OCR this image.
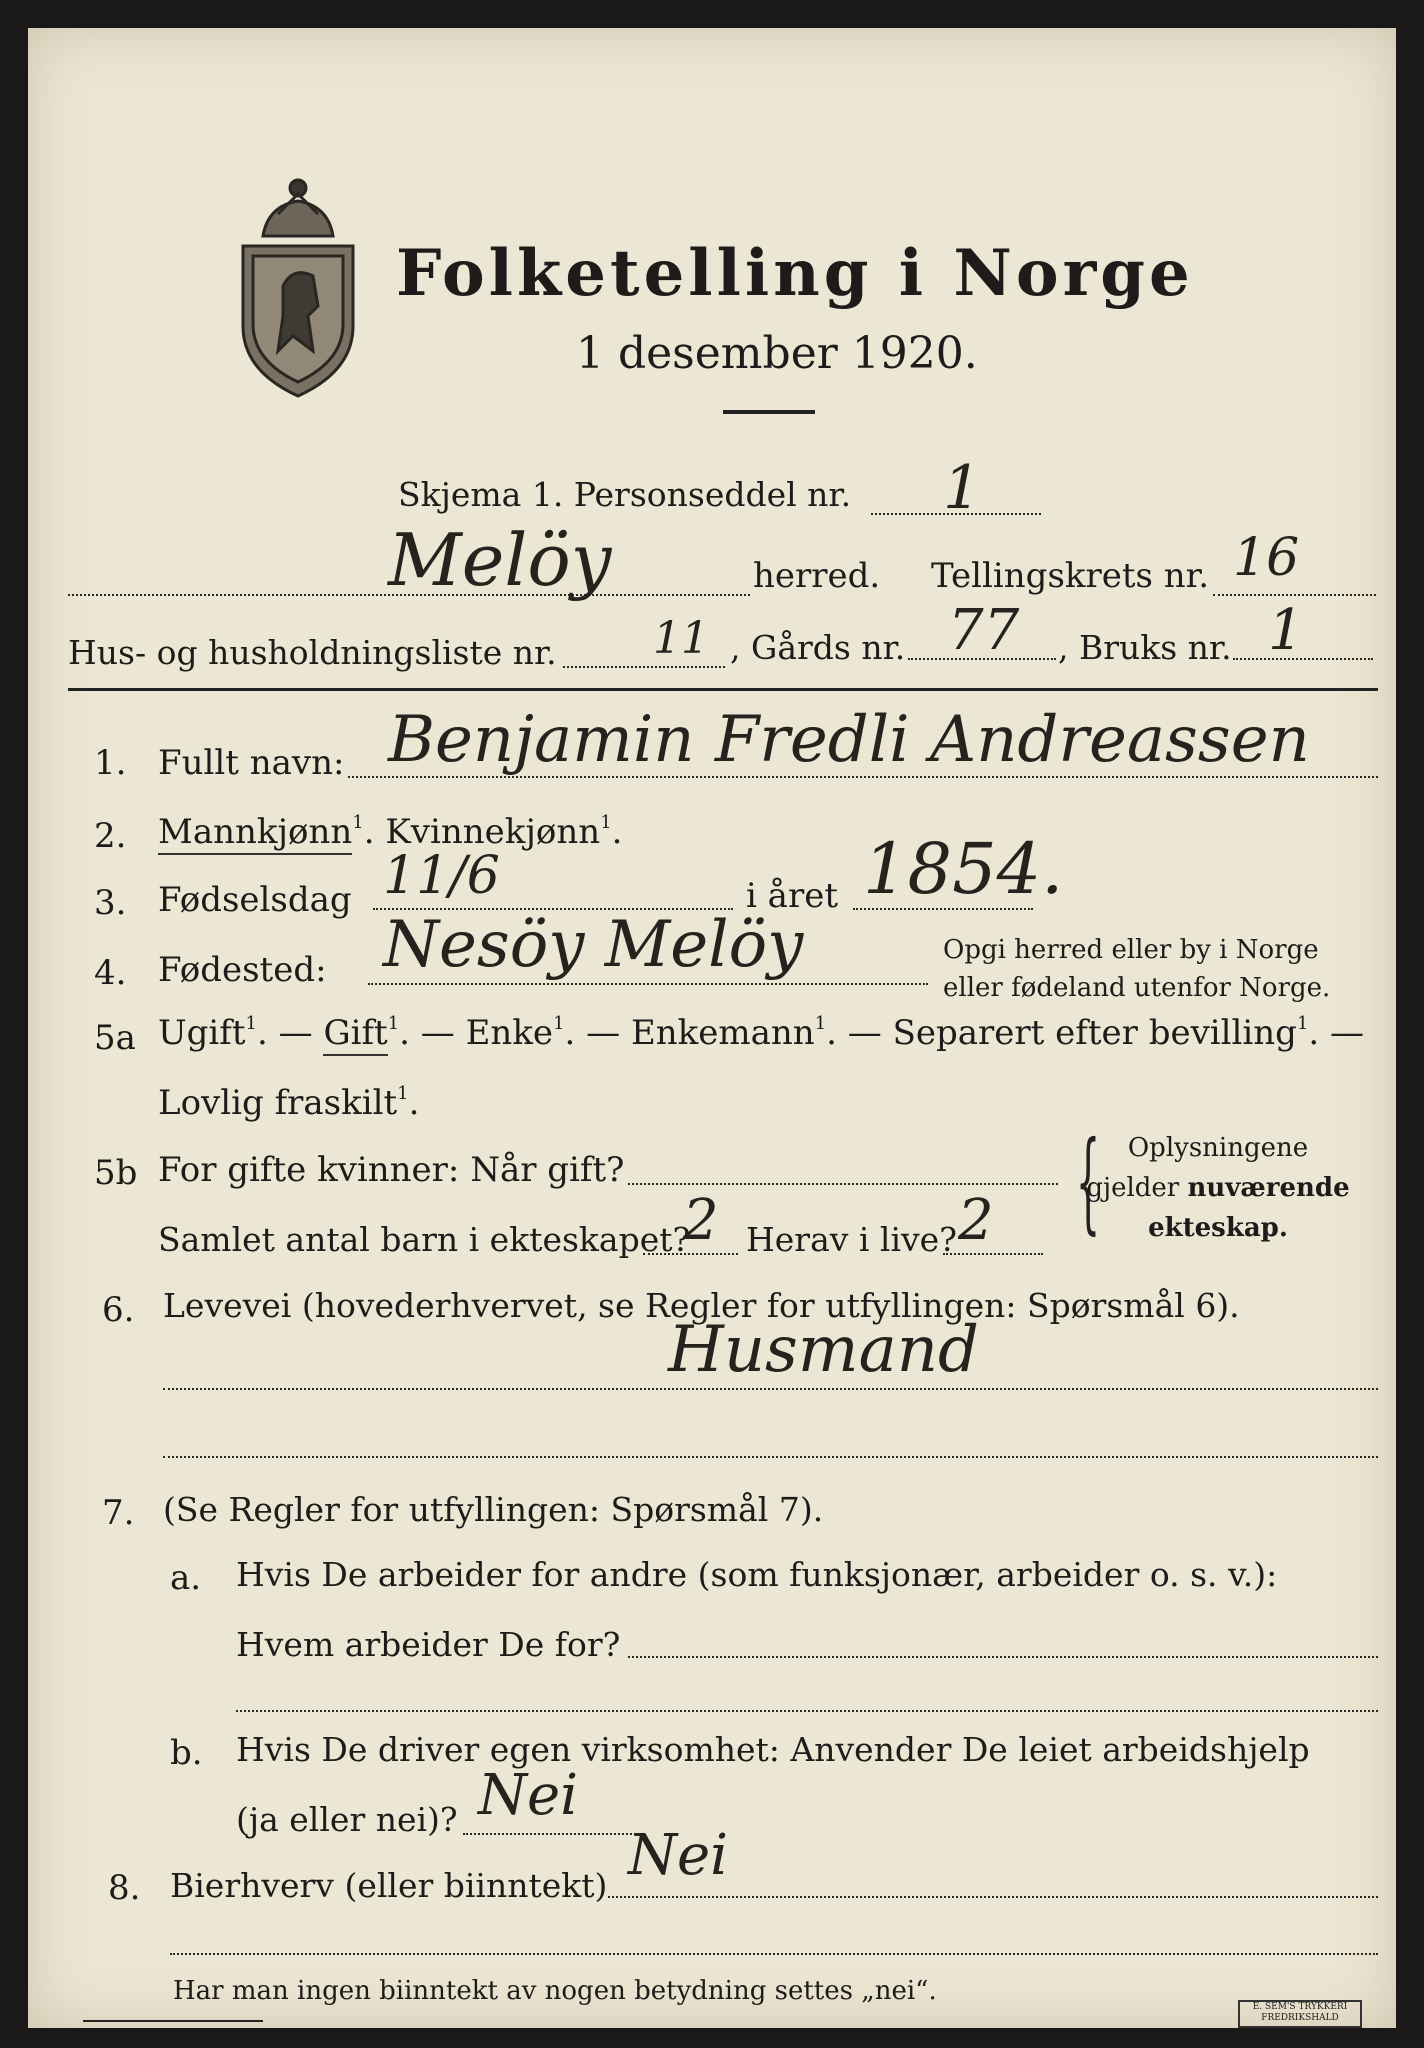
Folketelling i Norge
1 desember 1920.
Skjema 1. Personseddel nr. 1
Melöy	herred. Tellingskrets nr. 16
Hus- og husholdningsliste nr. 11 , Gårds nr. 77 , Bruks nr. 1
1. Fullt navn: Benjamin Fredli Andreassen
2. Mannkjønn$^1$. Kvinnekjønn$^1$.
3. Fødselsdag 11/6	i året 1854.
4. Fødested: Nesöy Melöy	Opgi herred eller by i Norge
eller fødeland utenfor Norge.
5a Ugift$^1$. — Gift$^1$. — Enke$^1$. — Enkemann$^1$. — Separert efter bevilling$^1$. —
Lovlig fraskilt$^1$.
5b For gifte kvinner: Når gift?
Samlet antal barn i ekteskapet?
2 Herav i live? 2 {	Oplysningene
gjelder nuværende
ekteskap.
6. Levevei (hovederhvervet, se Regler for utfyllingen: Spørsmål 6).
Husmand
7. (Se Regler for utfyllingen: Spørsmål 7).
a. Hvis De arbeider for andre (som funksjonær, arbeider o. s. v.):
Hvem arbeider De for?
b. Hvis De driver egen virksomhet: Anvender De leiet arbeidshjelp
(ja eller nei)? Nei
8. Bierhverv (eller biinntekt) Nei
Har man ingen biinntekt av nogen betydning settes „nei“.
E. SEM'S TRYKKERI
FREDRIKSHALD
